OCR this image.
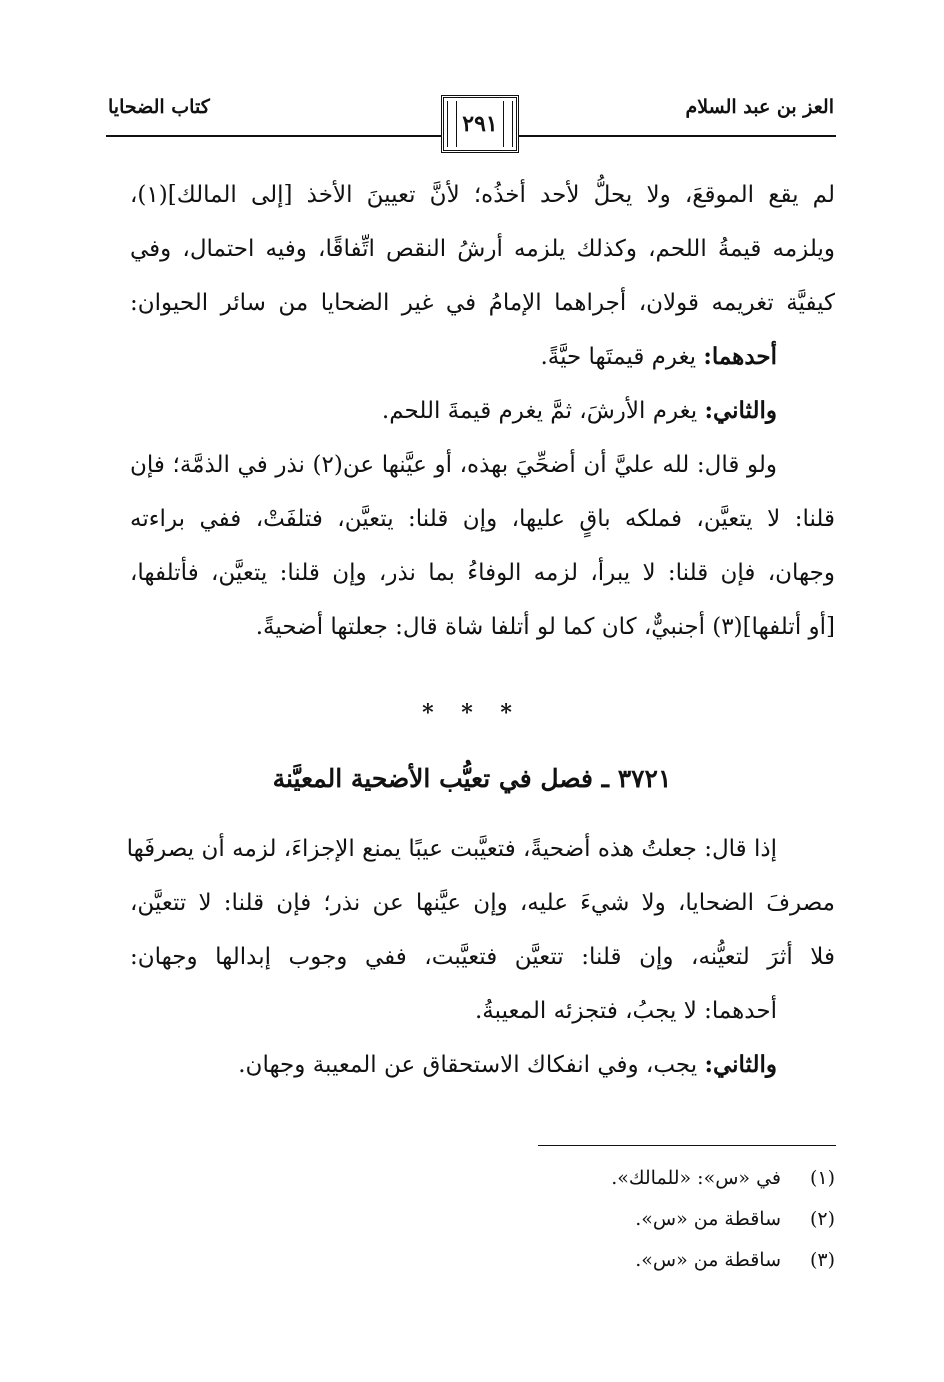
العز بن عبد السلام
كتاب الضحايا
٢٩١
لم يقع الموقعَ، ولا يحلُّ لأحد أخذُه؛ لأنَّ تعيينَ الأخذ [إلى المالك](١)،
ويلزمه قيمةُ اللحم، وكذلك يلزمه أرشُ النقص اتِّفاقًا، وفيه احتمال، وفي
كيفيَّة تغريمه قولان، أجراهما الإمامُ في غير الضحايا من سائر الحيوان:
أحدهما: يغرم قيمتَها حيَّةً.
والثاني: يغرم الأرشَ، ثمَّ يغرم قيمةَ اللحم.
ولو قال: لله عليَّ أن أضحِّيَ بهذه، أو عيَّنها عن(٢) نذر في الذمَّة؛ فإن
قلنا: لا يتعيَّن، فملكه باقٍ عليها، وإن قلنا: يتعيَّن، فتلفَتْ، ففي براءته
وجهان، فإن قلنا: لا يبرأ، لزمه الوفاءُ بما نذر، وإن قلنا: يتعيَّن، فأتلفها،
[أو أتلفها](٣) أجنبيٌّ، كان كما لو أتلفا شاة قال: جعلتها أضحيةً.
* * *
٣٧٢١ ـ فصل في تعيُّب الأضحية المعيَّنة
إذا قال: جعلتُ هذه أضحيةً، فتعيَّبت عيبًا يمنع الإجزاءَ، لزمه أن يصرفَها
مصرفَ الضحايا، ولا شيءَ عليه، وإن عيَّنها عن نذر؛ فإن قلنا: لا تتعيَّن،
فلا أثرَ لتعيُّنه، وإن قلنا: تتعيَّن فتعيَّبت، ففي وجوب إبدالها وجهان:
أحدهما: لا يجبُ، فتجزئه المعيبةُ.
والثاني: يجب، وفي انفكاك الاستحقاق عن المعيبة وجهان.
(١)في «س»: «للمالك».
(٢)ساقطة من «س».
(٣)ساقطة من «س».
